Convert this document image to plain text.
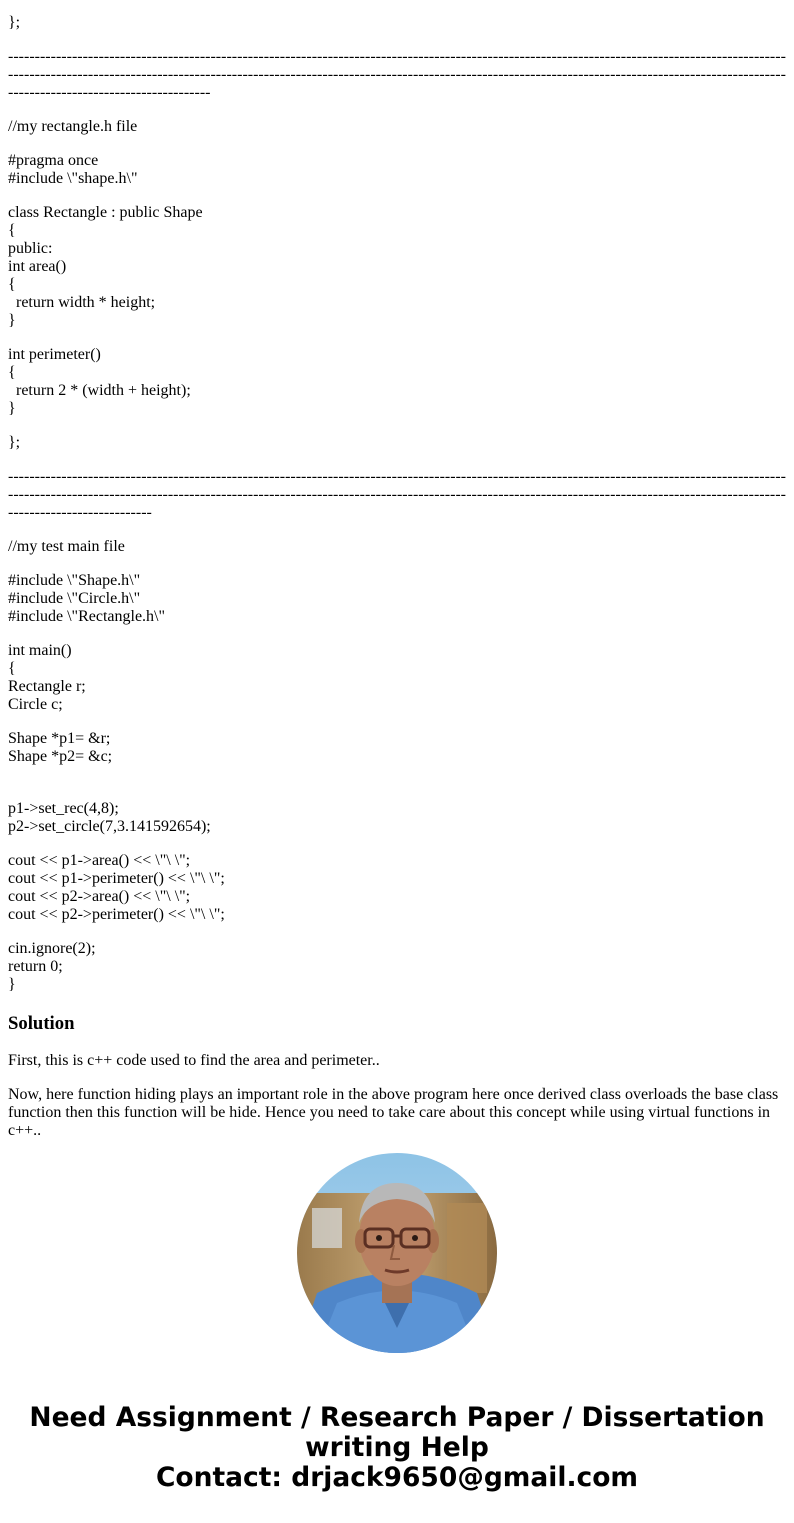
};
------------------------------------------------------------------------------------------------------------------------------------------------------------------------------------------------------------------------------------------------------------------------------------------------------------------------------------------
//my rectangle.h file
#pragma once
#include \"shape.h\"
class Rectangle : public Shape
{
public:
int area()
{
return width * height;
}
int perimeter()
{
return 2 * (width + height);
}
};
-------------------------------------------------------------------------------------------------------------------------------------------------------------------------------------------------------------------------------------------------------------------------------------------------------------------------------
//my test main file
#include \"Shape.h\"
#include \"Circle.h\"
#include \"Rectangle.h\"
int main()
{
Rectangle r;
Circle c;
Shape *p1= &r;
Shape *p2= &c;
p1->set_rec(4,8);
p2->set_circle(7,3.141592654);
cout << p1->area() << \"\ \";
cout << p1->perimeter() << \"\ \";
cout << p2->area() << \"\ \";
cout << p2->perimeter() << \"\ \";
cin.ignore(2);
return 0;
}
Solution

First, this is c++ code used to find the area and perimeter..

Now, here function hiding plays an important role in the above program here once derived class overloads the base class function then this function will be hide. Hence you need to take care about this concept while using virtual functions in c++..

Need Assignment / Research Paper / Dissertation
writing Help
Contact: drjack9650@gmail.com
